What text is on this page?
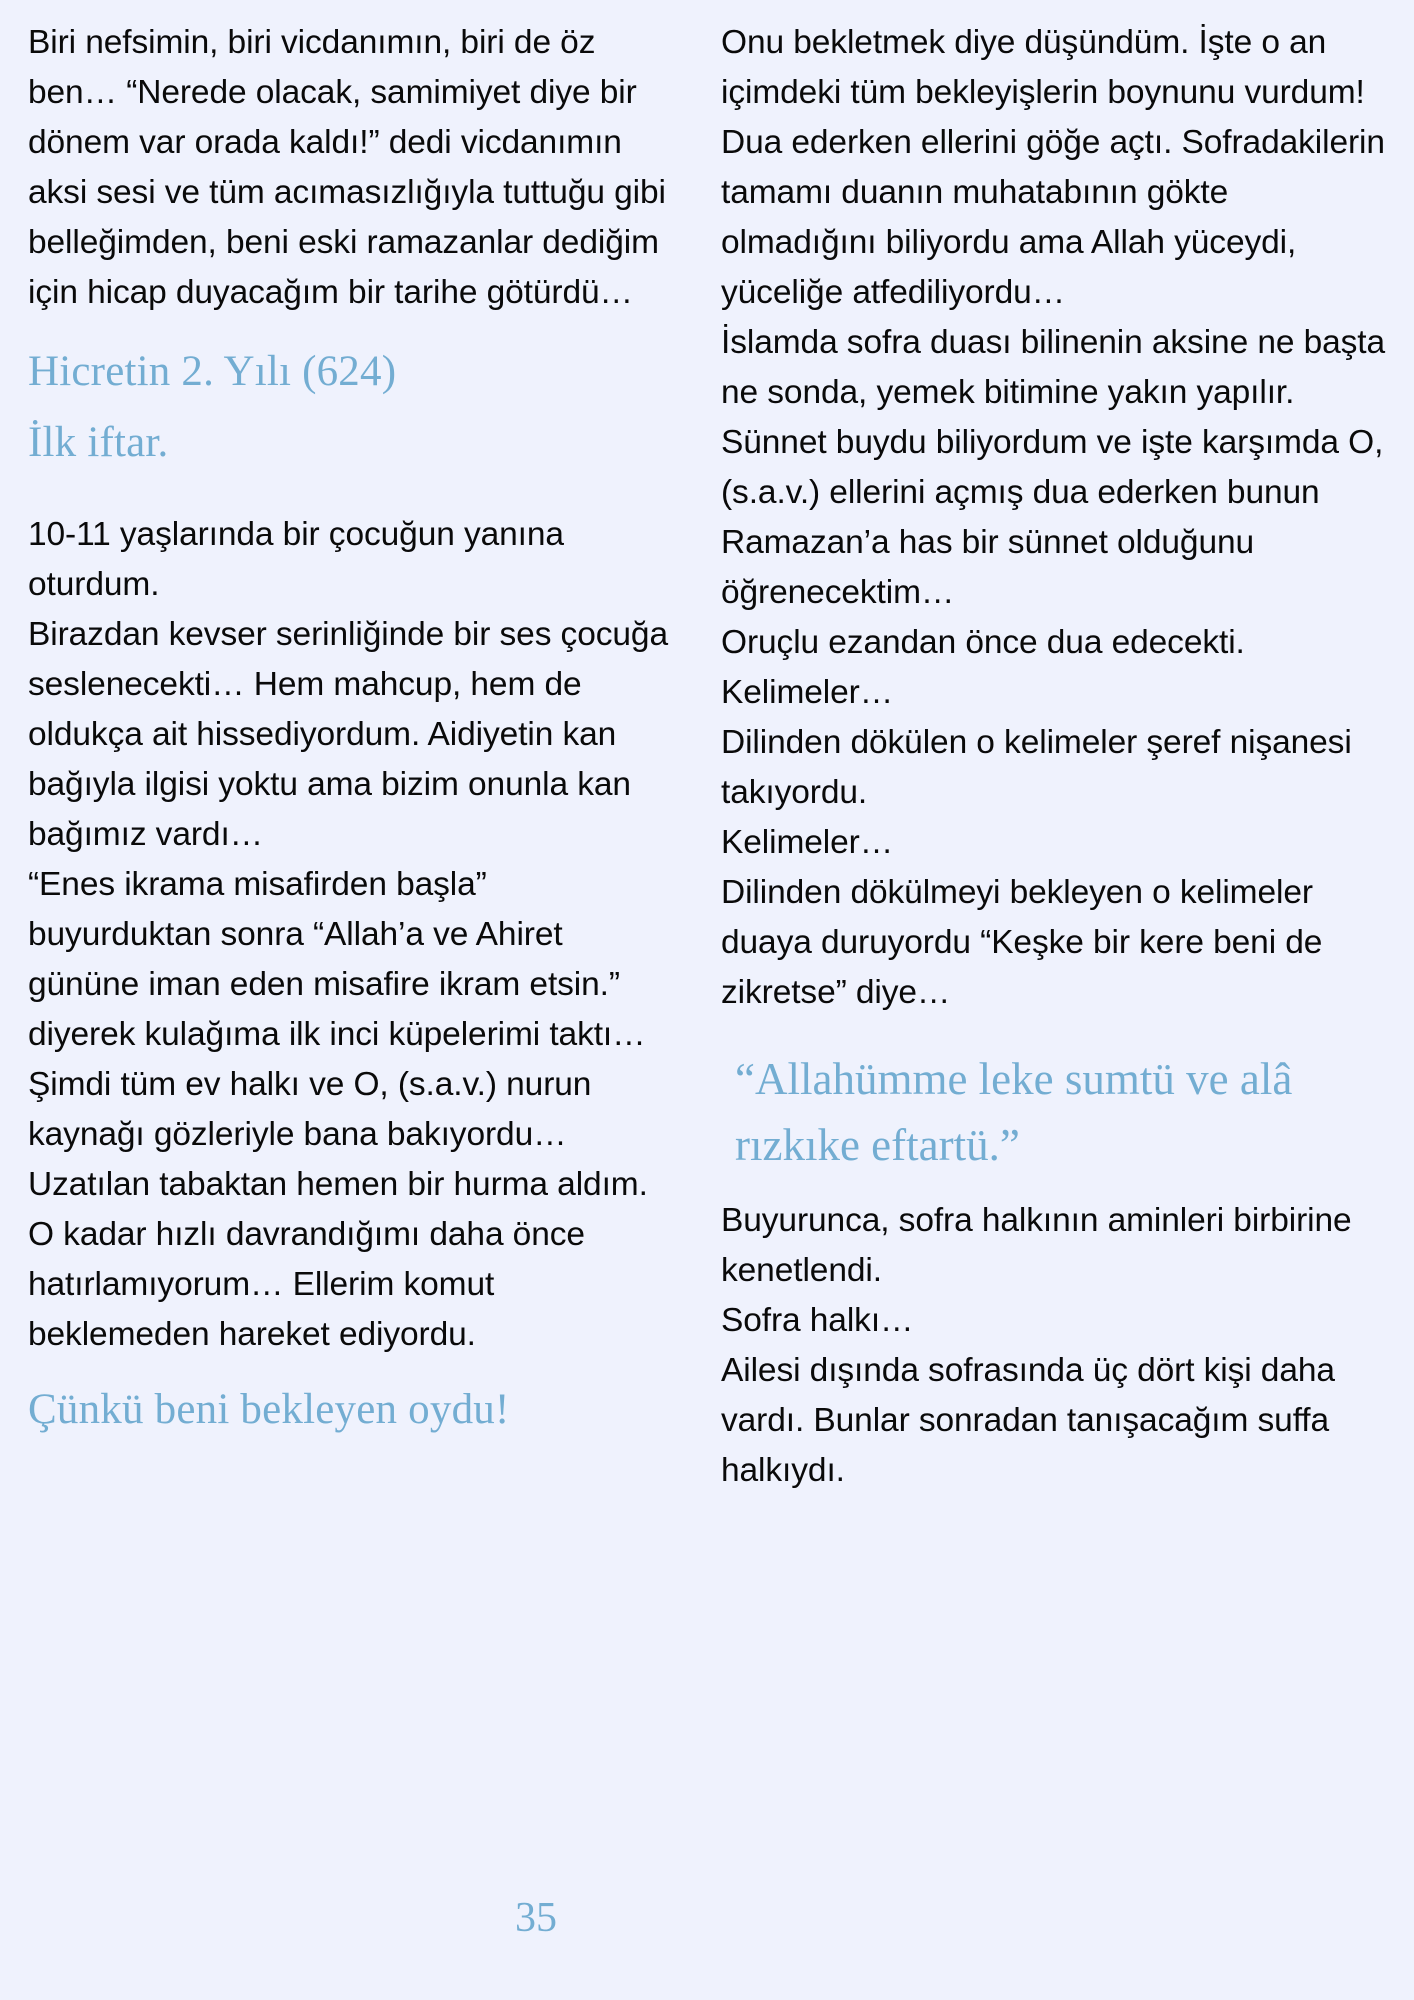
Biri nefsimin, biri vicdanımın, biri de öz ben… “Nerede olacak, samimiyet diye bir dönem var orada kaldı!” dedi vicdanımın aksi sesi ve tüm acımasızlığıyla tuttuğu gibi belleğimden, beni eski ramazanlar dediğim için hicap duyacağım bir tarihe götürdü…

Hicretin 2. Yılı (624)
İlk iftar.

10-11 yaşlarında bir çocuğun yanına oturdum.

Birazdan kevser serinliğinde bir ses çocuğa seslenecekti… Hem mahcup, hem de oldukça ait hissediyordum. Aidiyetin kan bağıyla ilgisi yoktu ama bizim onunla kan bağımız vardı…

“Enes ikrama misafirden başla” buyurduktan sonra “Allah’a ve Ahiret gününe iman eden misafire ikram etsin.” diyerek kulağıma ilk inci küpelerimi taktı… Şimdi tüm ev halkı ve O, (s.a.v.) nurun kaynağı gözleriyle bana bakıyordu…

Uzatılan tabaktan hemen bir hurma aldım. O kadar hızlı davrandığımı daha önce hatırlamıyorum… Ellerim komut beklemeden hareket ediyordu.

Çünkü beni bekleyen oydu!

Onu bekletmek diye düşündüm. İşte o an içimdeki tüm bekleyişlerin boynunu vurdum!

Dua ederken ellerini göğe açtı. Sofradakilerin tamamı duanın muhatabının gökte olmadığını biliyordu ama Allah yüceydi, yüceliğe atfediliyordu…

İslamda sofra duası bilinenin aksine ne başta ne sonda, yemek bitimine yakın yapılır. Sünnet buydu biliyordum ve işte karşımda O, (s.a.v.) ellerini açmış dua ederken bunun Ramazan’a has bir sünnet olduğunu öğrenecektim…

Oruçlu ezandan önce dua edecekti. Kelimeler…

Dilinden dökülen o kelimeler şeref nişanesi takıyordu.

Kelimeler…

Dilinden dökülmeyi bekleyen o kelimeler duaya duruyordu “Keşke bir kere beni de zikretse” diye…

“Allahümme leke sumtü ve alâ rızkıke eftartü.”

Buyurunca, sofra halkının aminleri birbirine kenetlendi.

Sofra halkı…

Ailesi dışında sofrasında üç dört kişi daha vardı. Bunlar sonradan tanışacağım suffa halkıydı.

35
